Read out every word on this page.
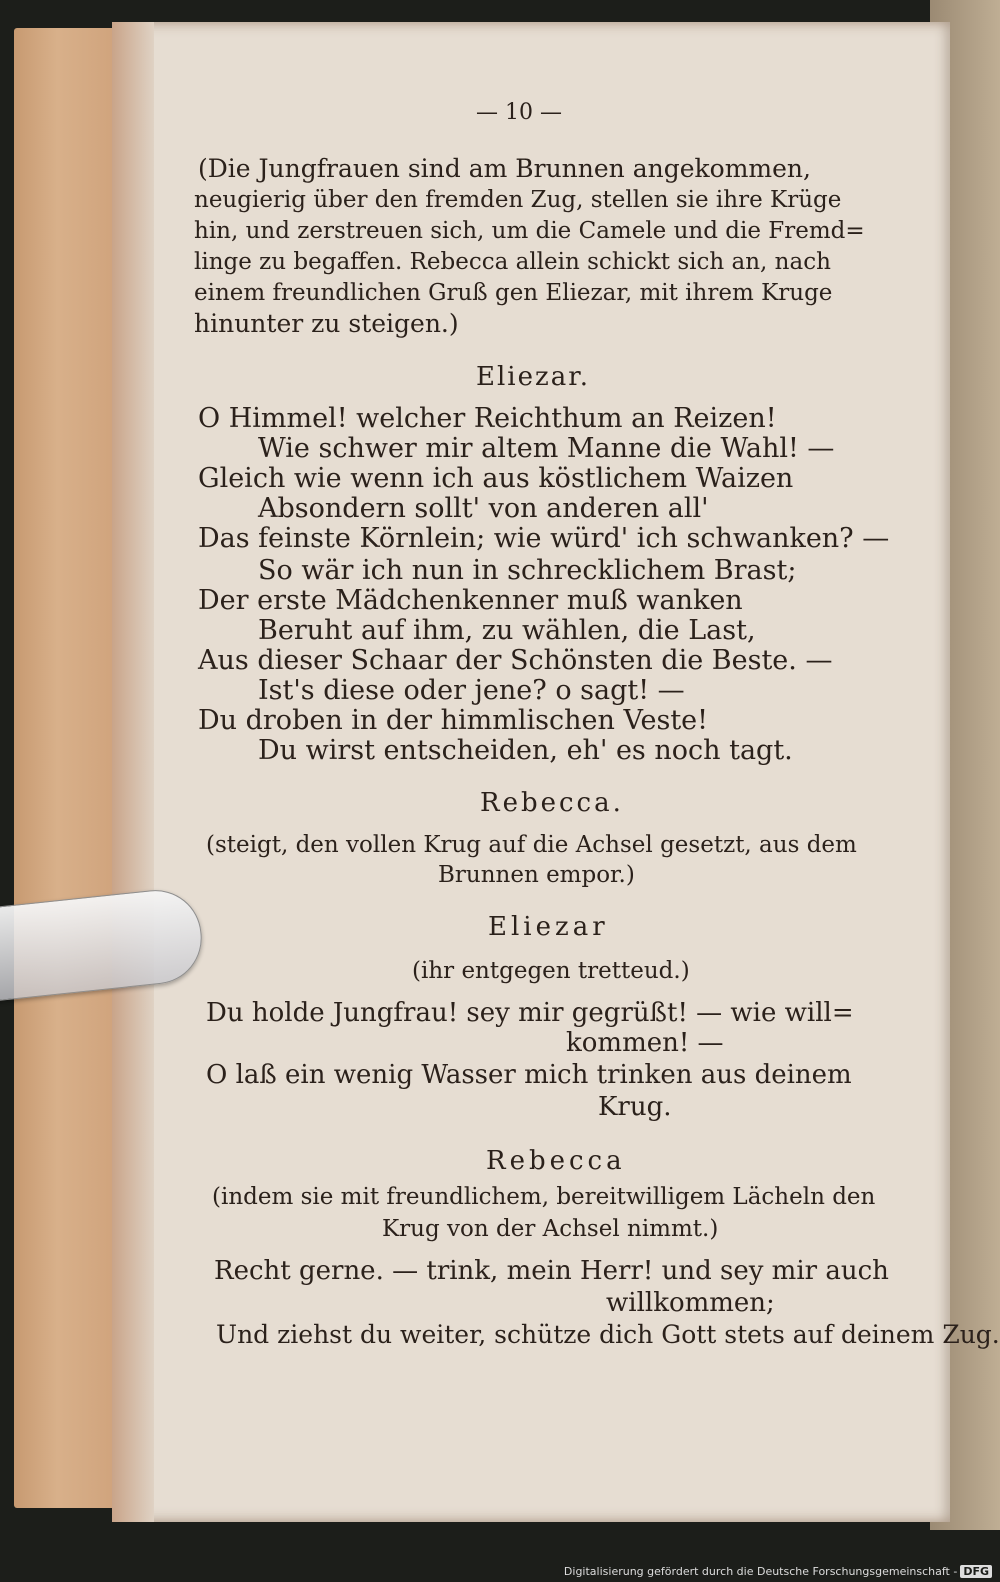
— 10 —
(Die Jungfrauen sind am Brunnen angekommen,
neugierig über den fremden Zug, stellen sie ihre Krüge
hin, und zerstreuen sich, um die Camele und die Fremd=
linge zu begaffen. Rebecca allein schickt sich an, nach
einem freundlichen Gruß gen Eliezar, mit ihrem Kruge
hinunter zu steigen.)
Eliezar.
O Himmel! welcher Reichthum an Reizen!
Wie schwer mir altem Manne die Wahl! —
Gleich wie wenn ich aus köstlichem Waizen
Absondern sollt' von anderen all'
Das feinste Körnlein; wie würd' ich schwanken? —
So wär ich nun in schrecklichem Brast;
Der erste Mädchenkenner muß wanken
Beruht auf ihm, zu wählen, die Last,
Aus dieser Schaar der Schönsten die Beste. —
Ist's diese oder jene? o sagt! —
Du droben in der himmlischen Veste!
Du wirst entscheiden, eh' es noch tagt.
Rebecca.
(steigt, den vollen Krug auf die Achsel gesetzt, aus dem
Brunnen empor.)
Eliezar
(ihr entgegen tretteud.)
Du holde Jungfrau! sey mir gegrüßt! — wie will=
kommen! —
O laß ein wenig Wasser mich trinken aus deinem
Krug.
Rebecca
(indem sie mit freundlichem, bereitwilligem Lächeln den
Krug von der Achsel nimmt.)
Recht gerne. — trink, mein Herr! und sey mir auch
willkommen;
Und ziehst du weiter, schütze dich Gott stets auf deinem Zug.
Digitalisierung gefördert durch die Deutsche Forschungsgemeinschaft - DFG
